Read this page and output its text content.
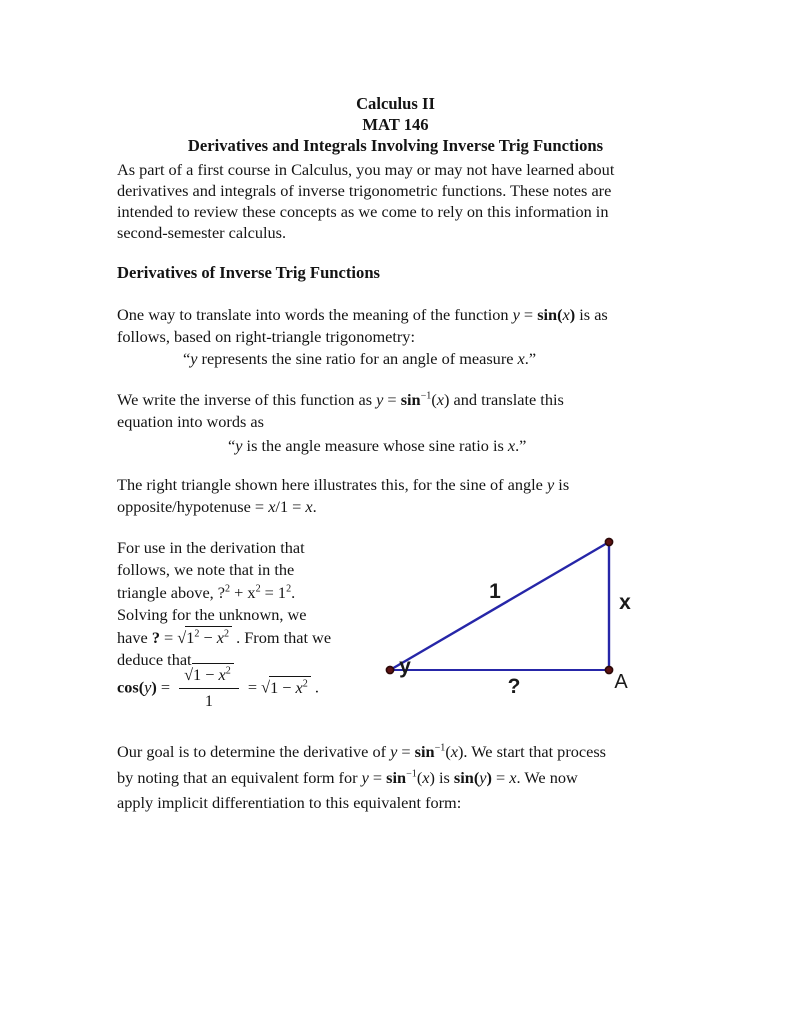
Calculus II
MAT 146
Derivatives and Integrals Involving Inverse Trig Functions
As part of a first course in Calculus, you may or may not have learned about
derivatives and integrals of inverse trigonometric functions. These notes are
intended to review these concepts as we come to rely on this information in
second-semester calculus.
Derivatives of Inverse Trig Functions
One way to translate into words the meaning of the function y = sin(x) is as
follows, based on right-triangle trigonometry:
“y represents the sine ratio for an angle of measure x.”
We write the inverse of this function as $y = \sin^{-1}(x)$ and translate this
equation into words as
“y is the angle measure whose sine ratio is x.”
The right triangle shown here illustrates this, for the sine of angle y is
opposite/hypotenuse = x/1 = x.
For use in the derivation that
follows, we note that in the
triangle above, ?$^2$ + $x^2 = 1^2$.
Solving for the unknown, we
have ? = $√1^2 - x^2$ . From that we
deduce that
$\cos(y) = \frac{√1 - x^2}{1} = √1 - x^2$ .
Our goal is to determine the derivative of $y = \sin^{-1}(x)$. We start that process
by noting that an equivalent form for $y = \sin^{-1}(x)$ is sin(y) = x. We now
apply implicit differentiation to this equivalent form:
1	x
y
?	A
